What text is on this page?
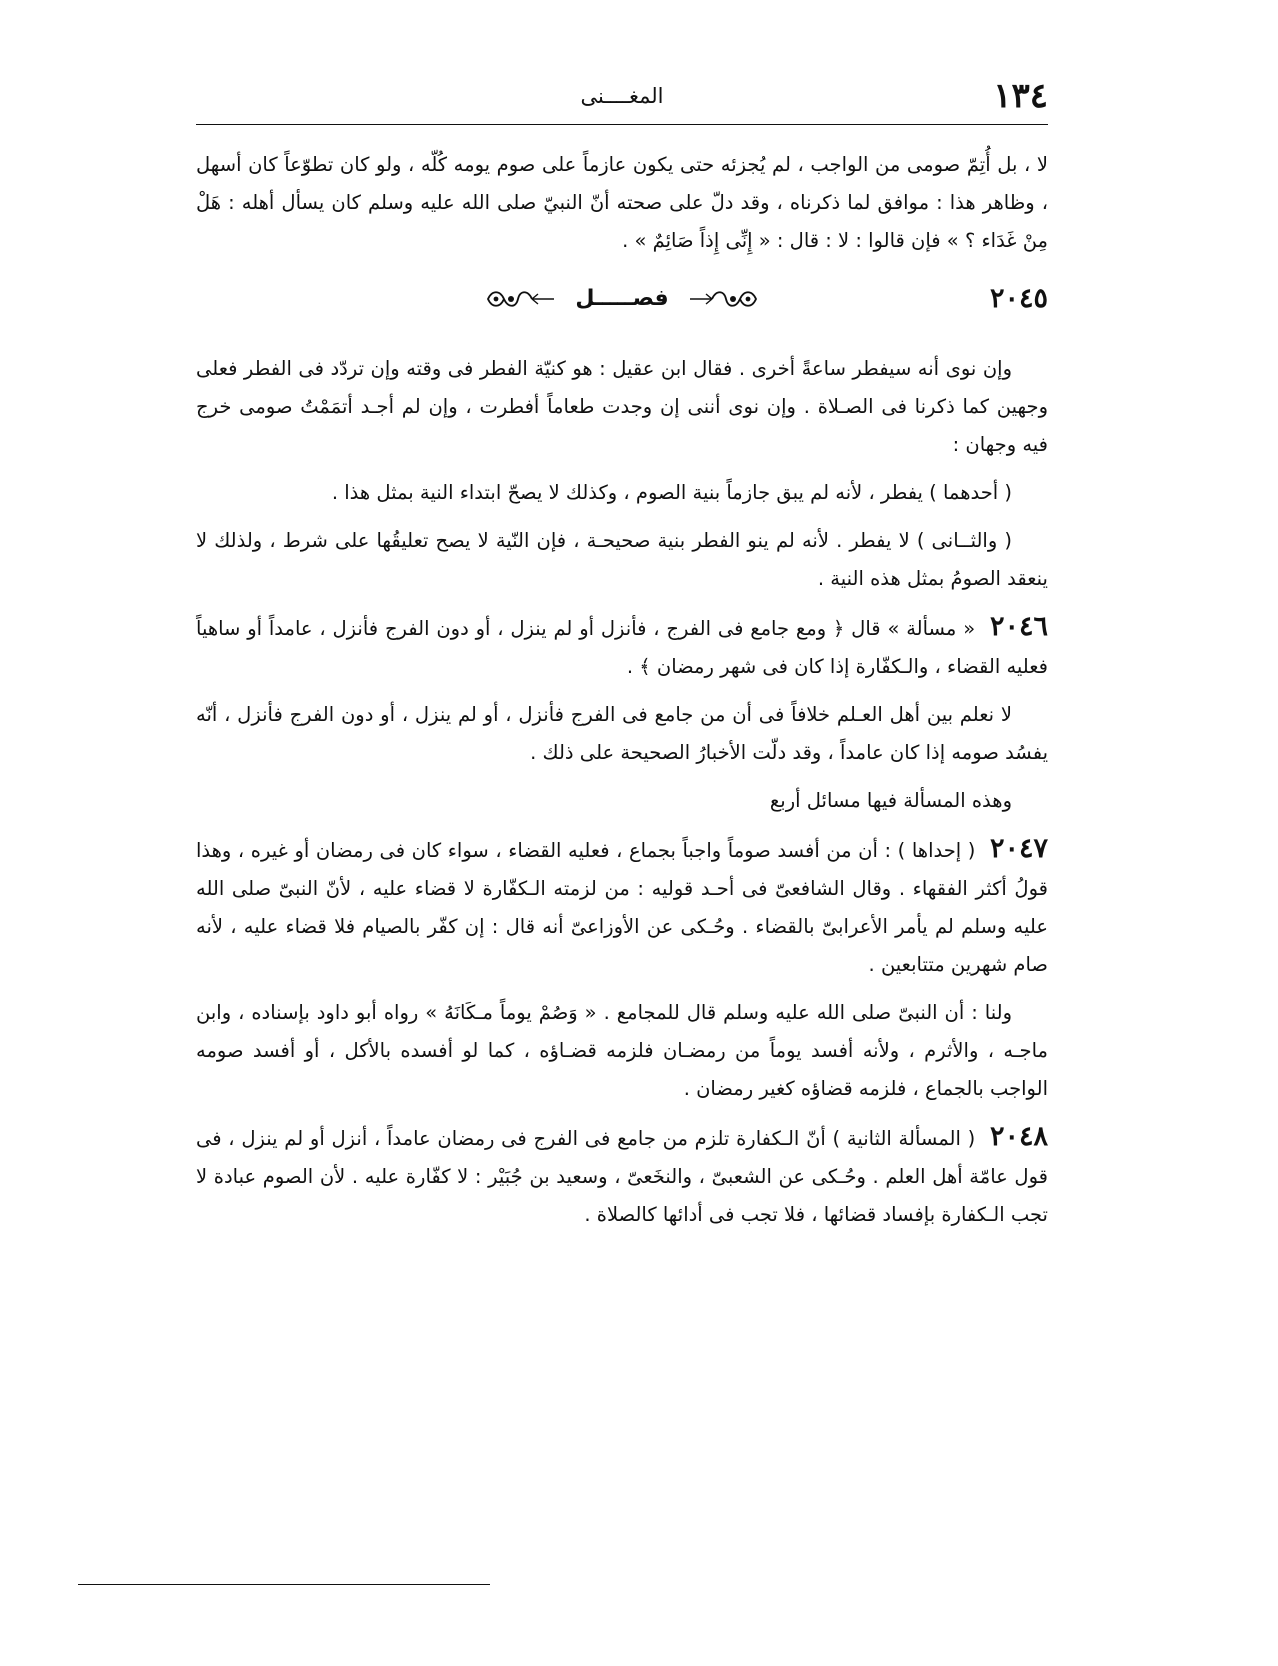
١٣٤
المغــــنى

لا ، بل أُتِمّ صومى من الواجب ، لم يُجزئه حتى يكون عازماً على صوم يومه كُلّه ، ولو كان تطوّعاً كان أسهل ، وظاهر هذا : موافق لما ذكرناه ، وقد دلّ على صحته أنّ النبيّ صلى الله عليه وسلم كان يسأل أهله : هَلْ مِنْ غَدَاء ؟ » فإن قالوا : لا : قال : « إِنِّى إِذاً صَائِمٌ » .

٢٠٤٥
فصـــــل

وإن نوى أنه سيفطر ساعةً أخرى . فقال ابن عقيل : هو كنيّة الفطر فى وقته وإن تردّد فى الفطر فعلى وجهين كما ذكرنا فى الصـلاة . وإن نوى أننى إن وجدت طعاماً أفطرت ، وإن لم أجـد أتمَمْتُ صومى خرج فيه وجهان :

( أحدهما ) يفطر ، لأنه لم يبق جازماً بنية الصوم ، وكذلك لا يصحّ ابتداء النية بمثل هذا .

( والثــانى ) لا يفطر . لأنه لم ينو الفطر بنية صحيحـة ، فإن النّية لا يصح تعليقُها على شرط ، ولذلك لا ينعقد الصومُ بمثل هذه النية .

٢٠٤٦ « مسألة » قال ﴿ ومع جامع فى الفرج ، فأنزل أو لم ينزل ، أو دون الفرج فأنزل ، عامداً أو ساهياً فعليه القضاء ، والـكفّارة إذا كان فى شهر رمضان ﴾ .

لا نعلم بين أهل العـلم خلافاً فى أن من جامع فى الفرج فأنزل ، أو لم ينزل ، أو دون الفرج فأنزل ، أنّه يفسُد صومه إذا كان عامداً ، وقد دلّت الأخبارُ الصحيحة على ذلك .

وهذه المسألة فيها مسائل أربع

٢٠٤٧ ( إحداها ) : أن من أفسد صوماً واجباً بجماع ، فعليه القضاء ، سواء كان فى رمضان أو غيره ، وهذا قولُ أكثر الفقهاء . وقال الشافعىّ فى أحـد قوليه : من لزمته الـكفّارة لا قضاء عليه ، لأنّ النبىّ صلى الله عليه وسلم لم يأمر الأعرابىّ بالقضاء . وحُـكى عن الأوزاعىّ أنه قال : إن كفّر بالصيام فلا قضاء عليه ، لأنه صام شهرين متتابعين .

ولنا : أن النبىّ صلى الله عليه وسلم قال للمجامع . « وَصُمْ يوماً مـكَانَهُ » رواه أبو داود بإسناده ، وابن ماجـه ، والأثرم ، ولأنه أفسد يوماً من رمضـان فلزمه قضـاؤه ، كما لو أفسده بالأكل ، أو أفسد صومه الواجب بالجماع ، فلزمه قضاؤه كغير رمضان .

٢٠٤٨ ( المسألة الثانية ) أنّ الـكفارة تلزم من جامع فى الفرج فى رمضان عامداً ، أنزل أو لم ينزل ، فى قول عامّة أهل العلم . وحُـكى عن الشعبىّ ، والنخَعىّ ، وسعيد بن جُبَيْر : لا كفّارة عليه . لأن الصوم عبادة لا تجب الـكفارة بإفساد قضائها ، فلا تجب فى أدائها كالصلاة .
